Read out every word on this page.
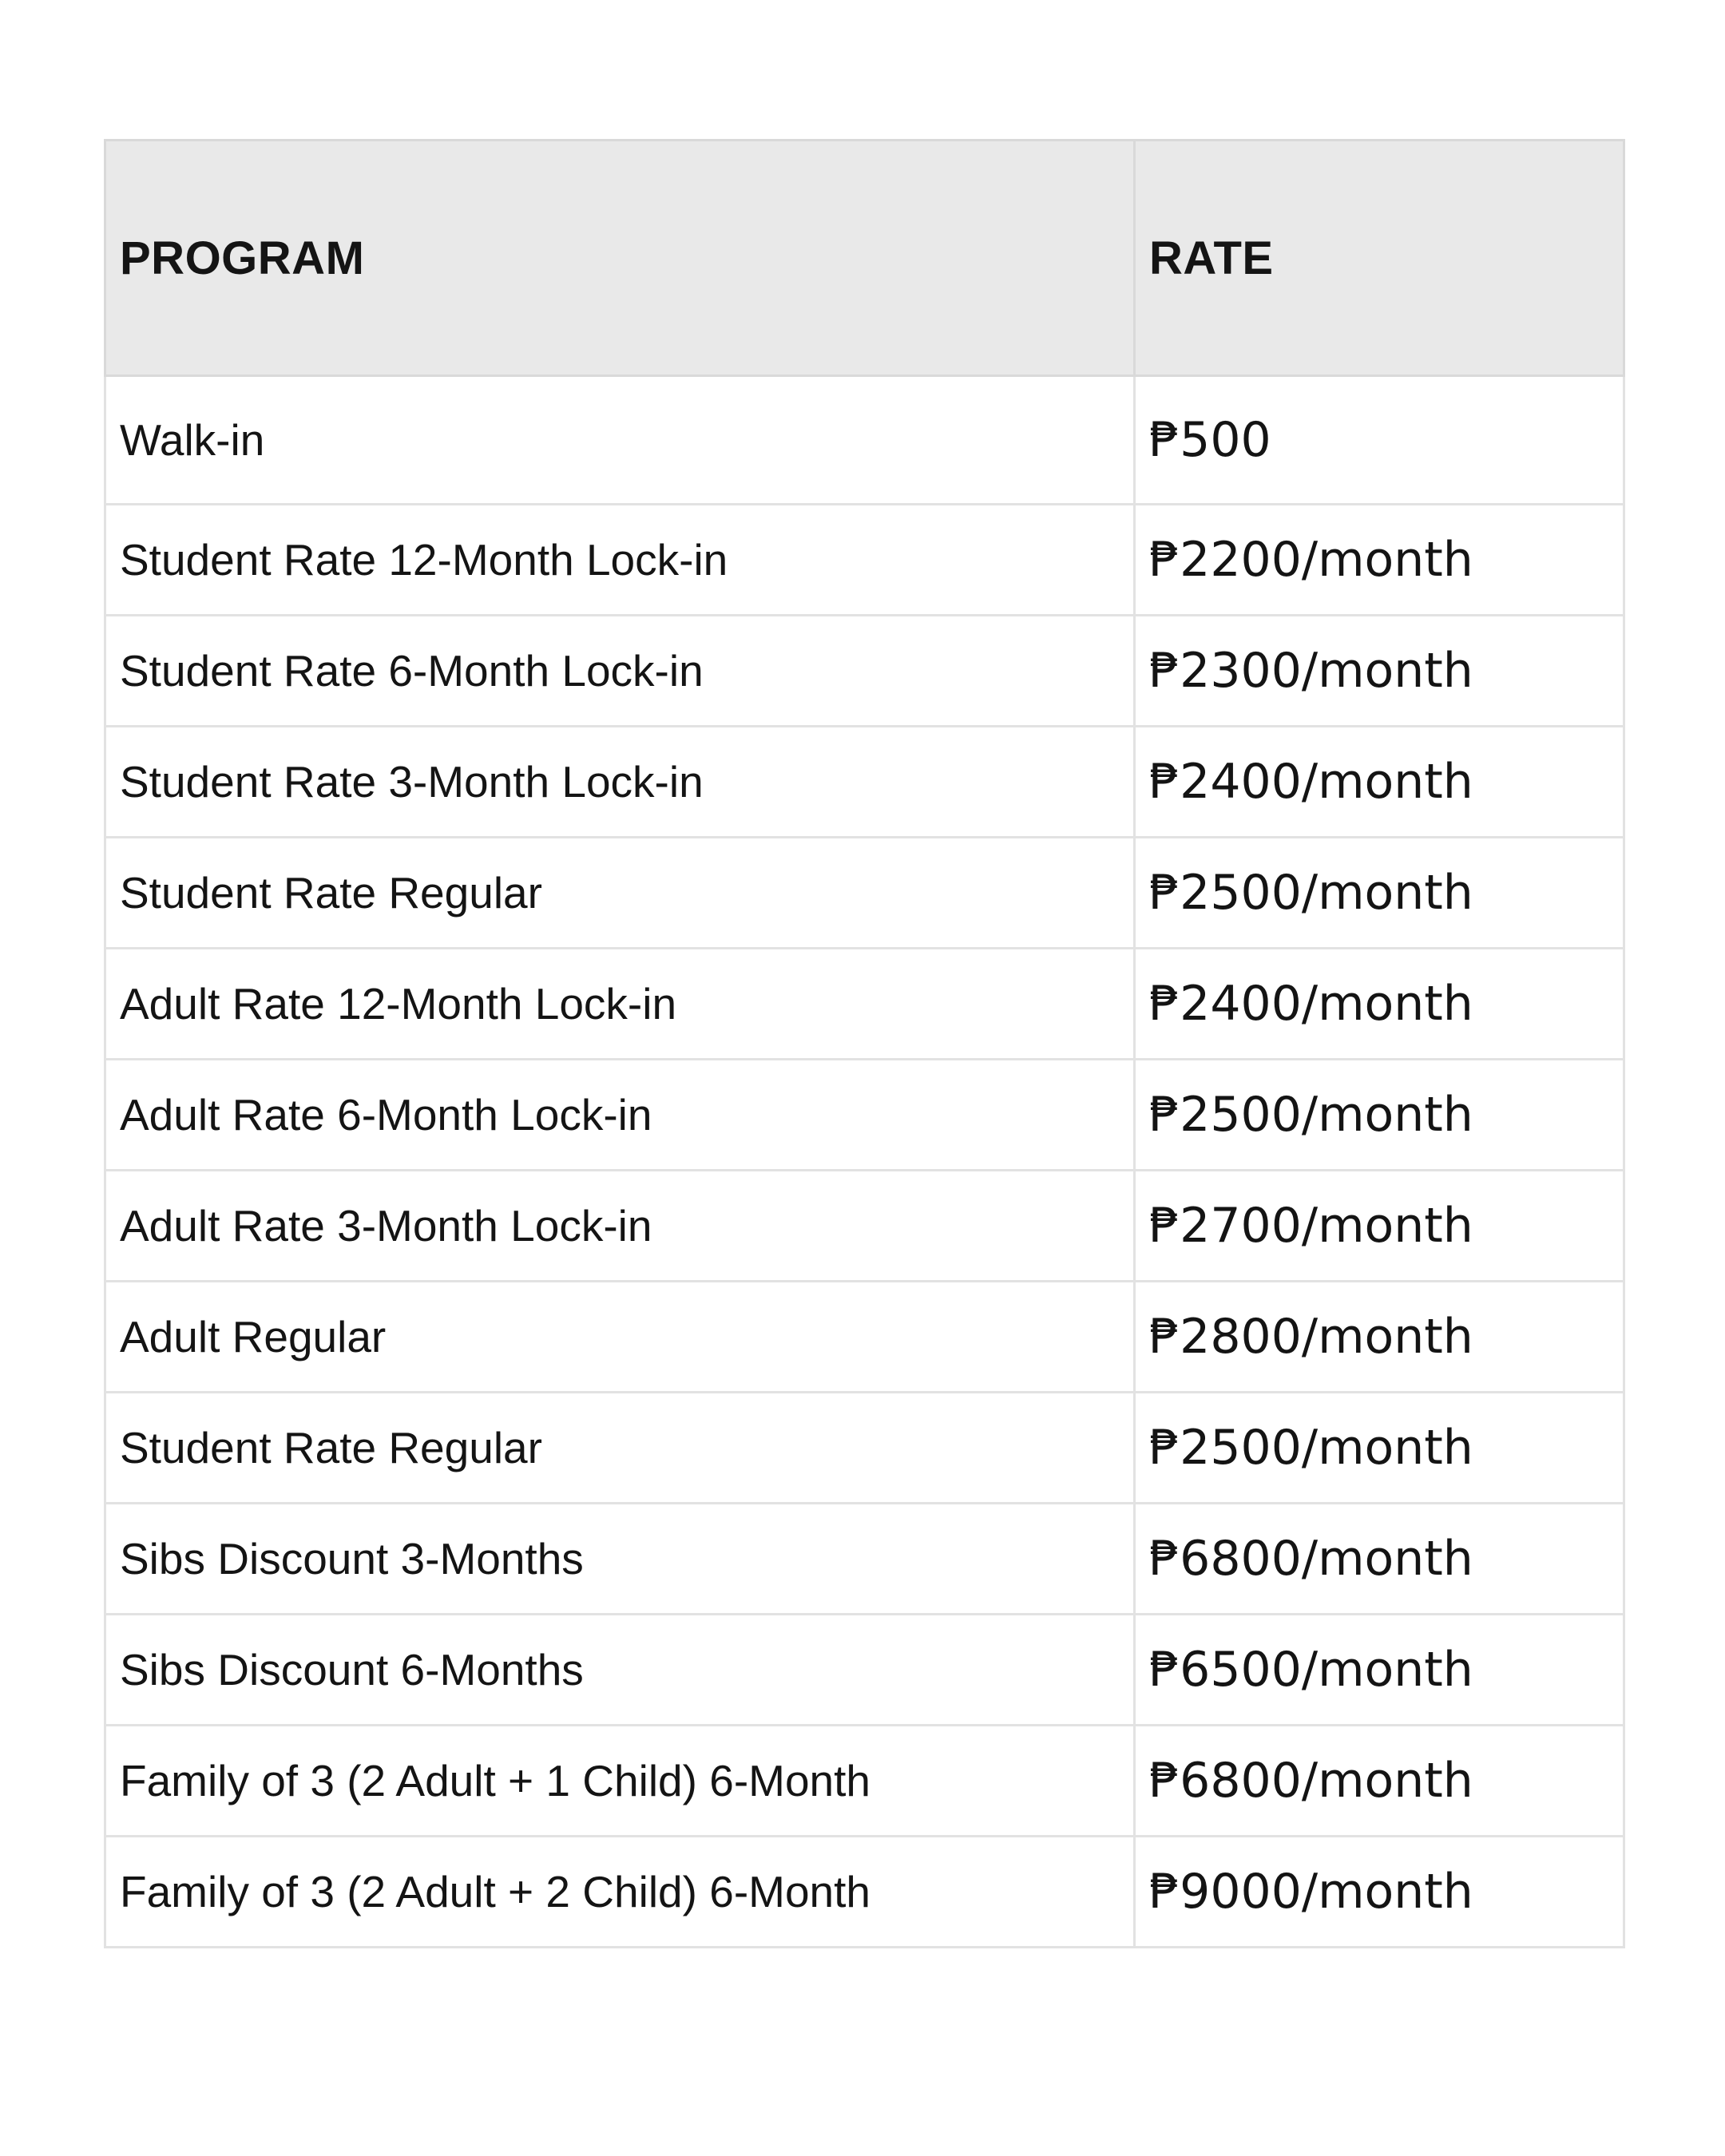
PROGRAM	RATE
Walk-in	₱500
Student Rate 12-Month Lock-in	₱2200/month
Student Rate 6-Month Lock-in	₱2300/month
Student Rate 3-Month Lock-in	₱2400/month
Student Rate Regular	₱2500/month
Adult Rate 12-Month Lock-in	₱2400/month
Adult Rate 6-Month Lock-in	₱2500/month
Adult Rate 3-Month Lock-in	₱2700/month
Adult Regular	₱2800/month
Student Rate Regular	₱2500/month
Sibs Discount 3-Months	₱6800/month
Sibs Discount 6-Months	₱6500/month
Family of 3 (2 Adult + 1 Child) 6-Month	₱6800/month
Family of 3 (2 Adult + 2 Child) 6-Month	₱9000/month
